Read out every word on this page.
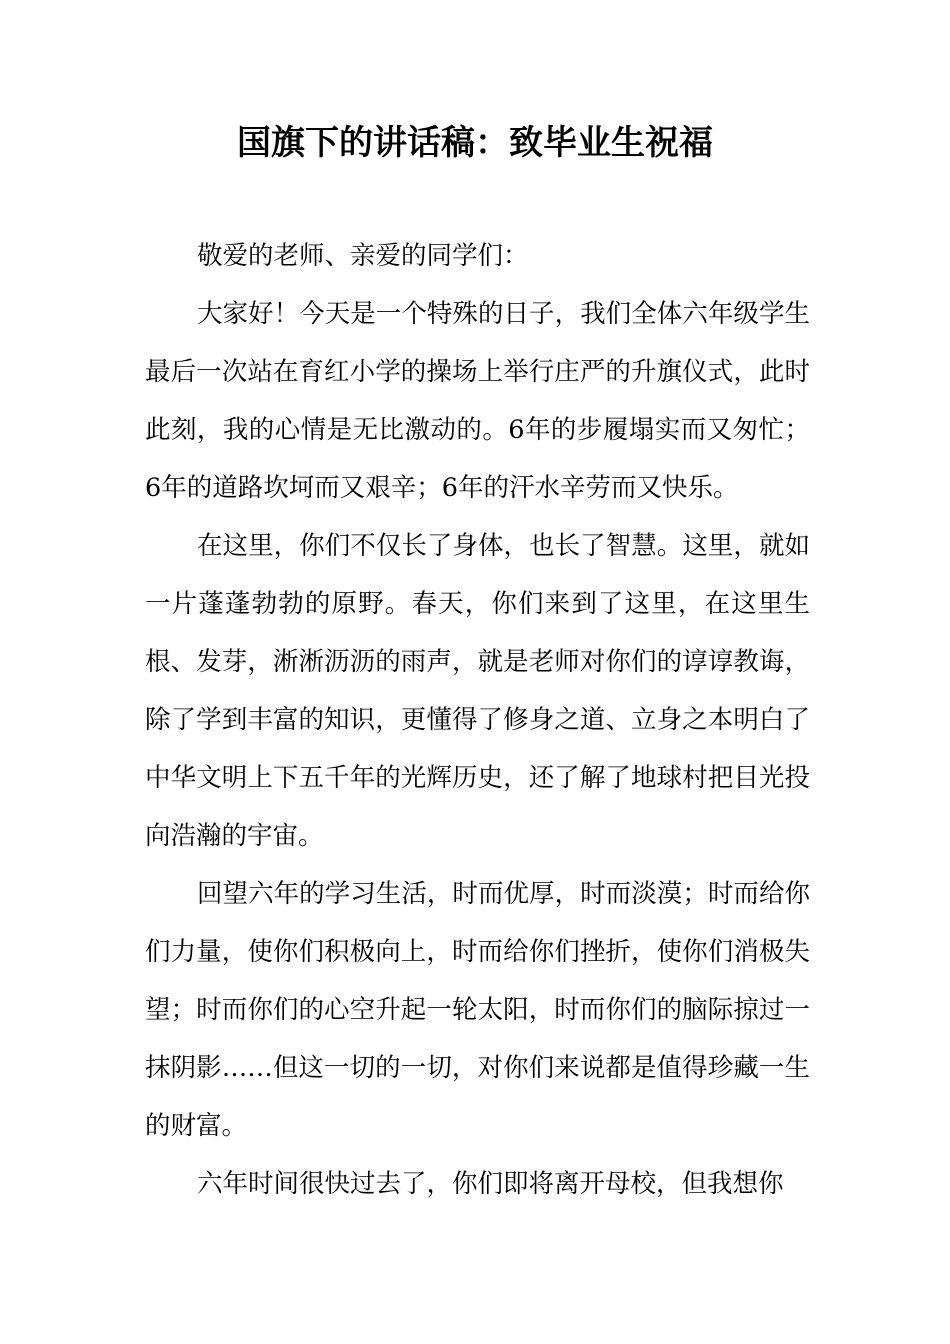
国旗下的讲话稿：致毕业生祝福

敬爱的老师、亲爱的同学们：

大家好！今天是一个特殊的日子，我们全体六年级学生最后一次站在育红小学的操场上举行庄严的升旗仪式，此时此刻，我的心情是无比激动的。6年的步履塌实而又匆忙；6年的道路坎坷而又艰辛；6年的汗水辛劳而又快乐。

在这里，你们不仅长了身体，也长了智慧。这里，就如一片蓬蓬勃勃的原野。春天，你们来到了这里，在这里生根、发芽，淅淅沥沥的雨声，就是老师对你们的谆谆教诲，除了学到丰富的知识，更懂得了修身之道、立身之本明白了中华文明上下五千年的光辉历史，还了解了地球村把目光投向浩瀚的宇宙。

回望六年的学习生活，时而优厚，时而淡漠；时而给你们力量，使你们积极向上，时而给你们挫折，使你们消极失望；时而你们的心空升起一轮太阳，时而你们的脑际掠过一抹阴影……但这一切的一切，对你们来说都是值得珍藏一生的财富。

六年时间很快过去了，你们即将离开母校，但我想你
